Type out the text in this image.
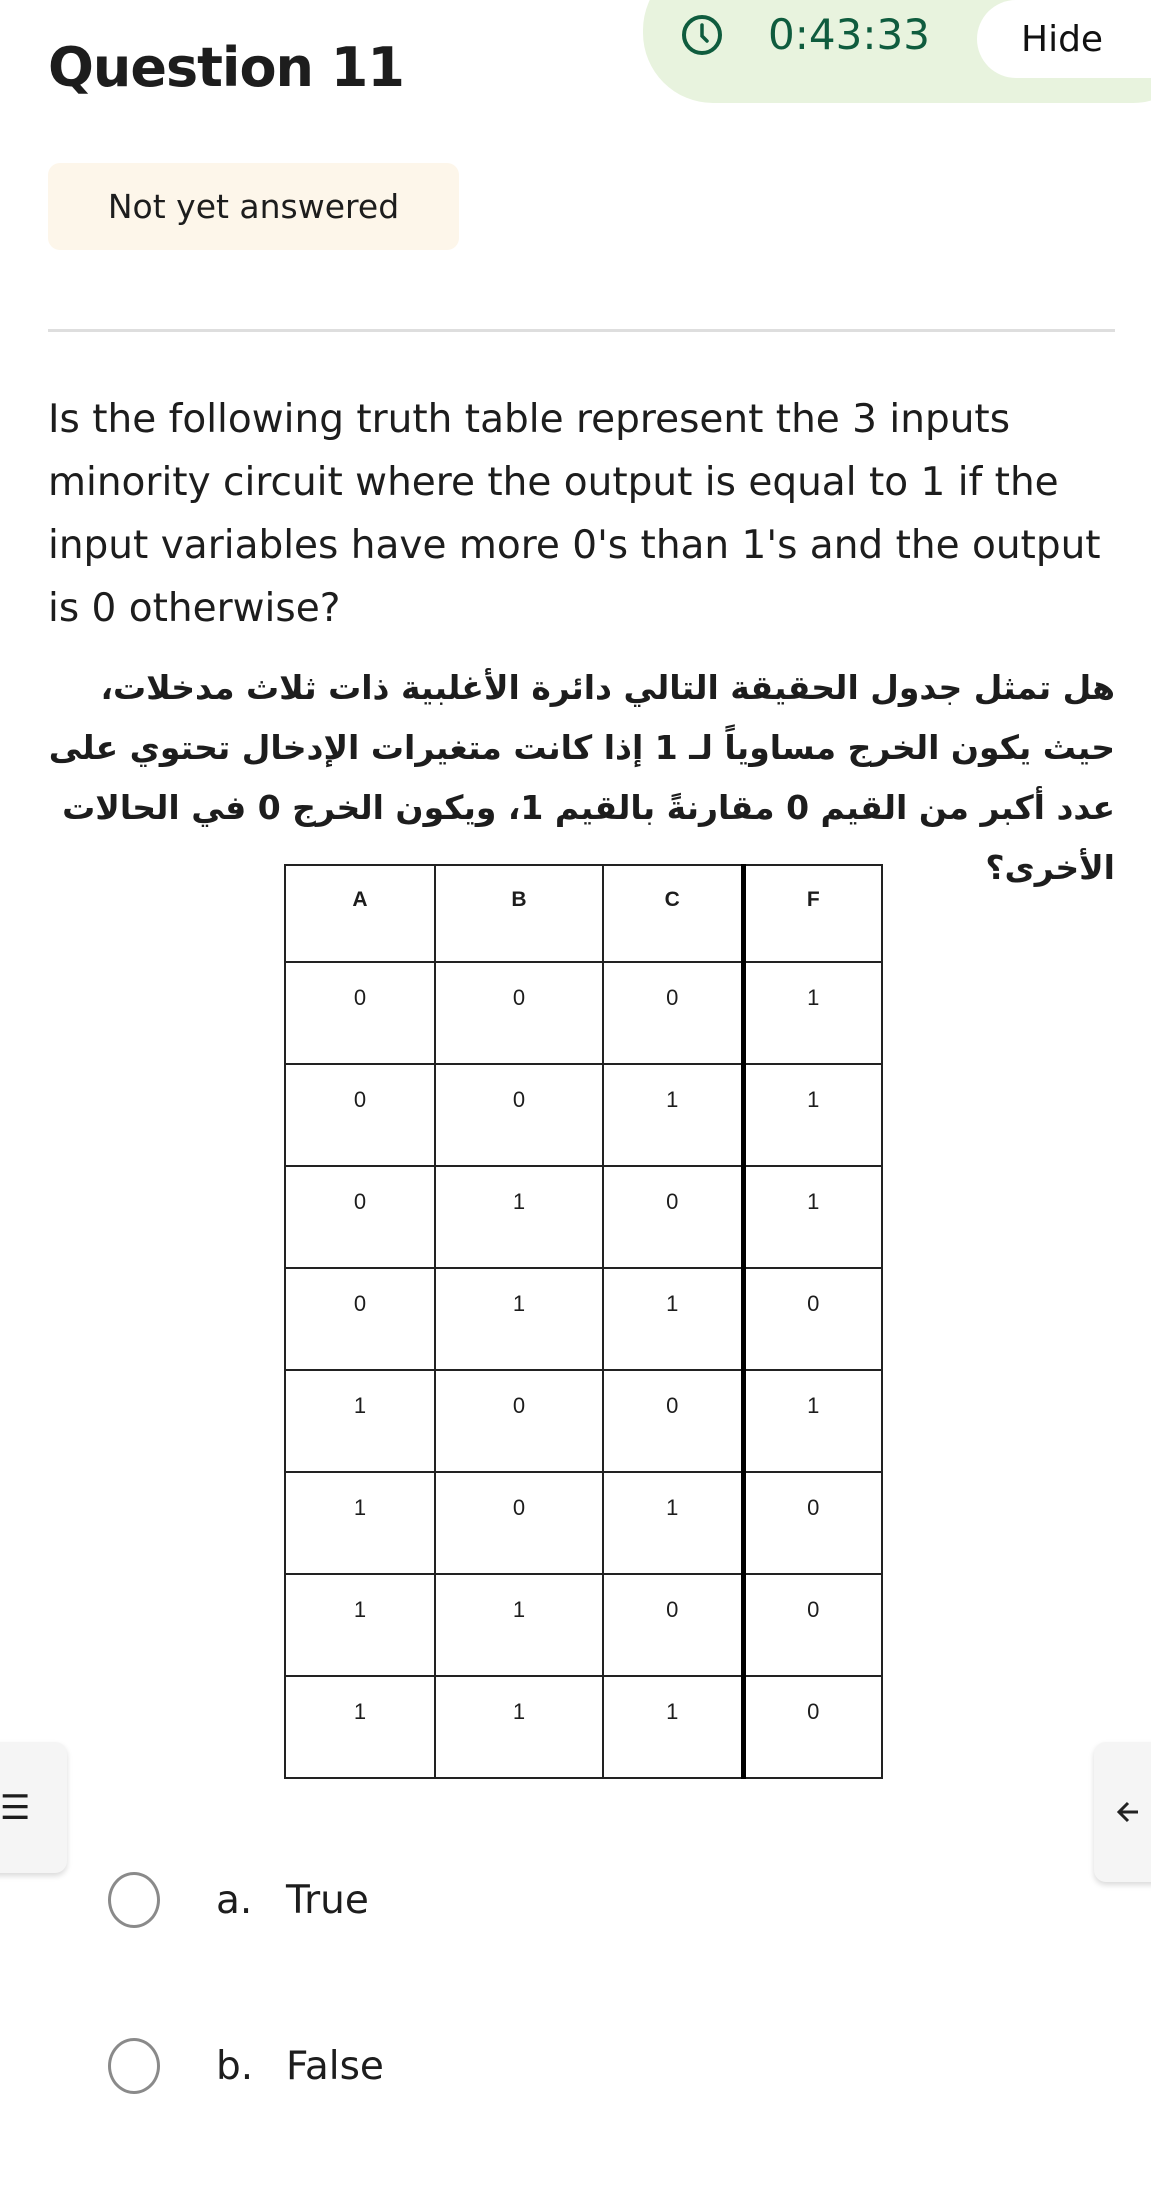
Question 11
0:43:33	Hide
Not yet answered
Is the following truth table represent the 3 inputs minority circuit where the output is equal to 1 if the input variables have more 0's than 1's and the output is 0 otherwise?
هل تمثل جدول الحقيقة التالي دائرة الأغلبية ذات ثلاث مدخلات، حيث يكون الخرج مساوياً لـ 1 إذا كانت متغيرات الإدخال تحتوي على عدد أكبر من القيم 0 مقارنةً بالقيم 1، ويكون الخرج 0 في الحالات الأخرى؟
A	B	C	F
0	0	0	1
0	0	1	1
0	1	0	1
0	1	1	0
1	0	0	1
1	0	1	0
1	1	0	0
1	1	1	0
☰
a. True
b. False
